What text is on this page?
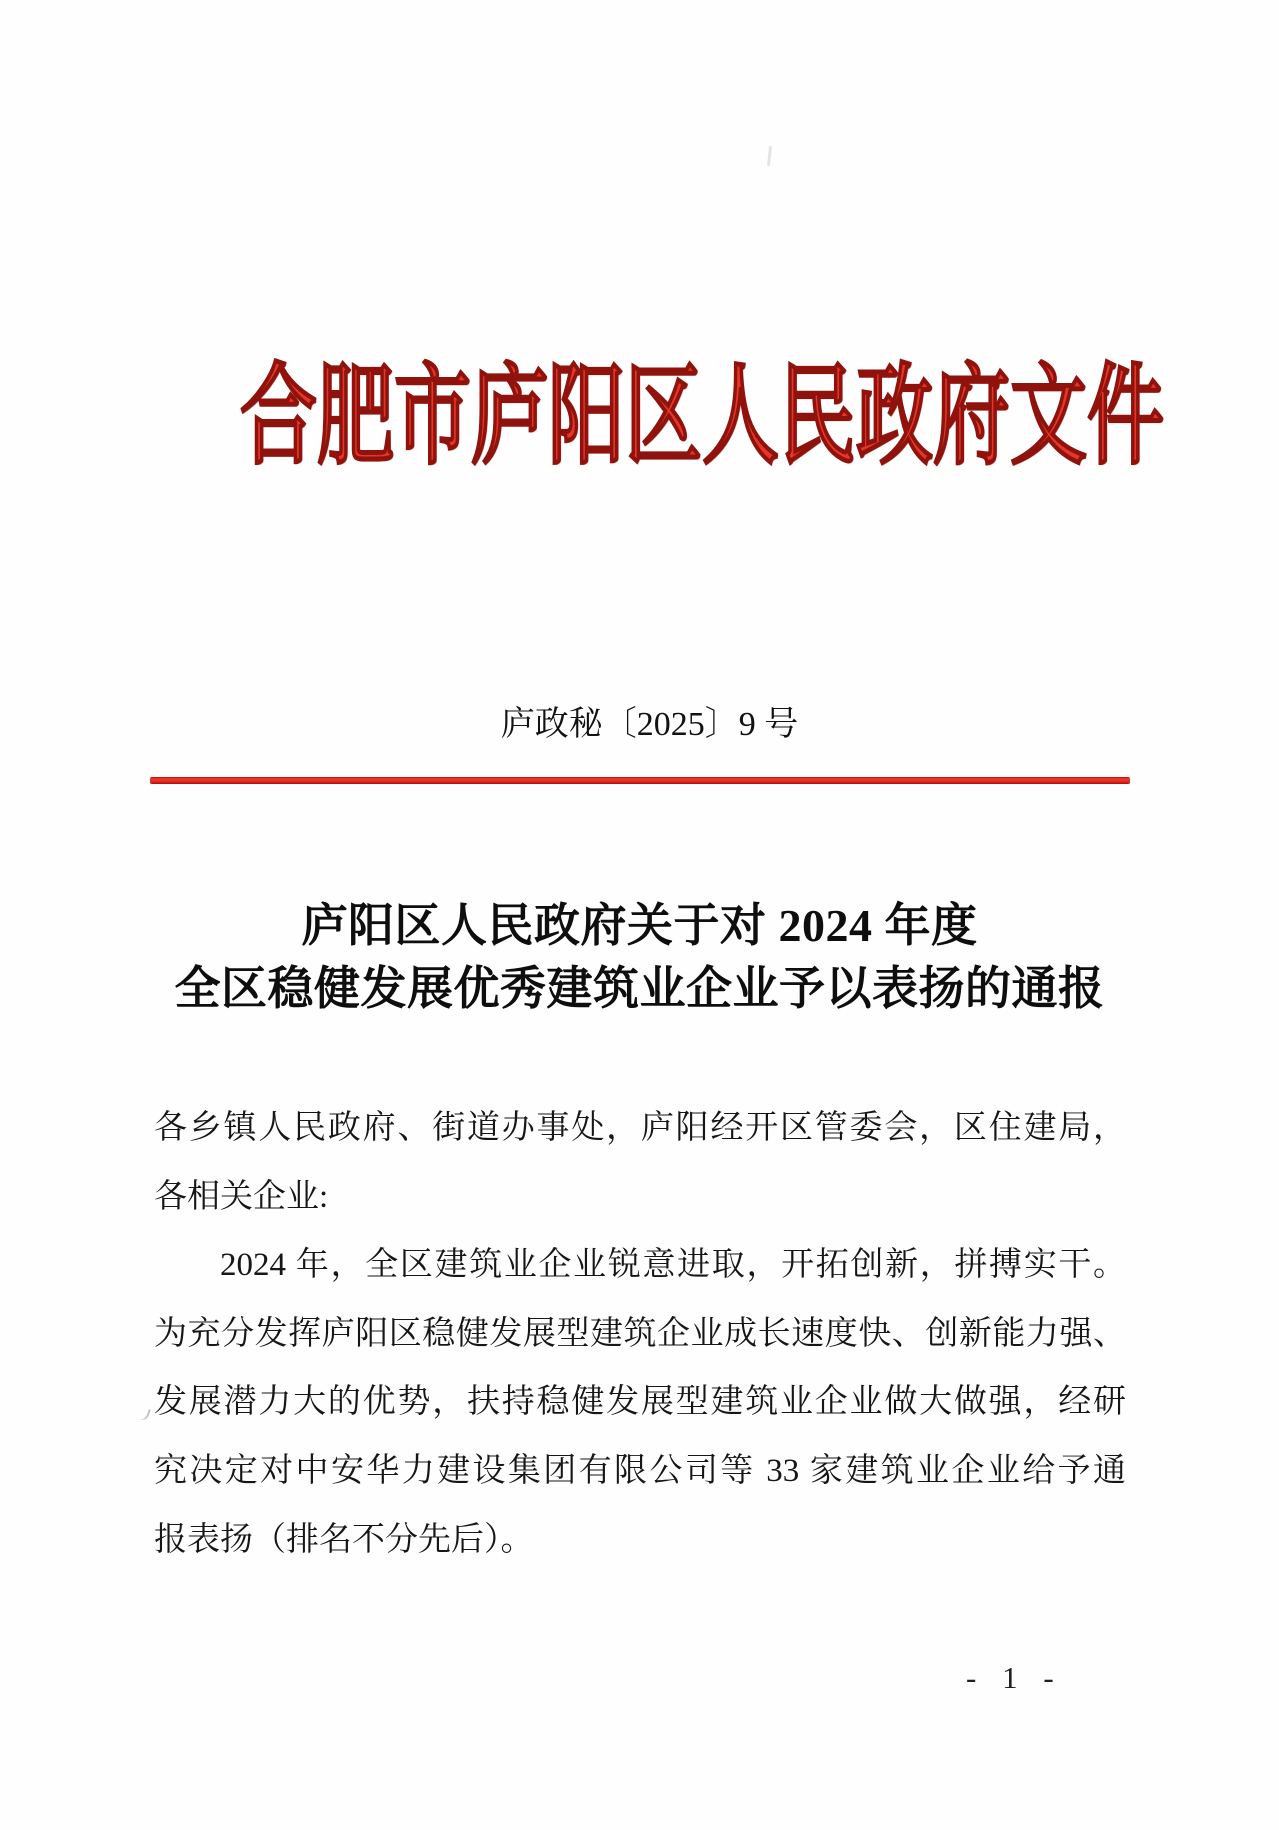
合肥市庐阳区人民政府文件
庐政秘〔2025〕9 号
庐阳区人民政府关于对 2024 年度
全区稳健发展优秀建筑业企业予以表扬的通报
各乡镇人民政府、街道办事处，庐阳经开区管委会，区住建局，
各相关企业:
2024 年，全区建筑业企业锐意进取，开拓创新，拼搏实干。
为充分发挥庐阳区稳健发展型建筑企业成长速度快、创新能力强、
发展潜力大的优势，扶持稳健发展型建筑业企业做大做强，经研
究决定对中安华力建设集团有限公司等 33 家建筑业企业给予通
报表扬（排名不分先后）。
- 1 -
